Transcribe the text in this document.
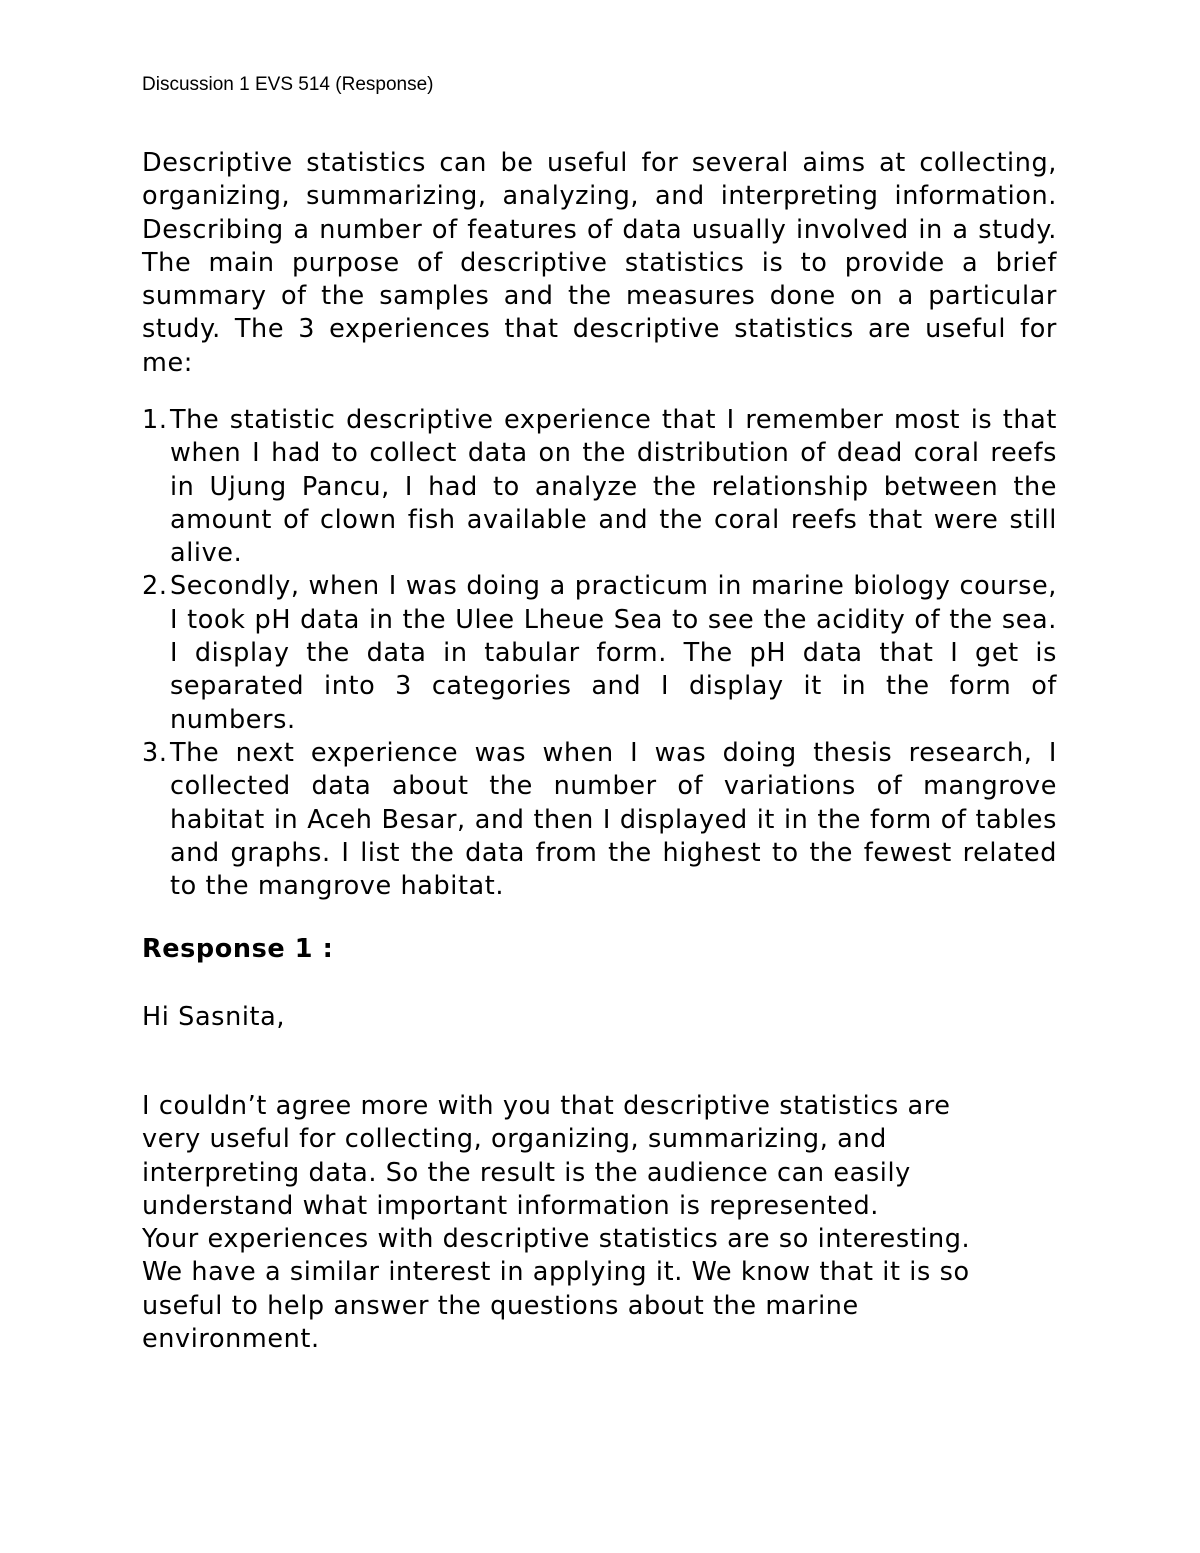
Discussion 1 EVS 514 (Response)

Descriptive statistics can be useful for several aims at collecting, organizing, summarizing, analyzing, and interpreting information. Describing a number of features of data usually involved in a study. The main purpose of descriptive statistics is to provide a brief summary of the samples and the measures done on a particular study. The 3 experiences that descriptive statistics are useful for me:

1. The statistic descriptive experience that I remember most is that when I had to collect data on the distribution of dead coral reefs in Ujung Pancu, I had to analyze the relationship between the amount of clown fish available and the coral reefs that were still alive.
2. Secondly, when I was doing a practicum in marine biology course, I took pH data in the Ulee Lheue Sea to see the acidity of the sea. I display the data in tabular form. The pH data that I get is separated into 3 categories and I display it in the form of numbers.
3. The next experience was when I was doing thesis research, I collected data about the number of variations of mangrove habitat in Aceh Besar, and then I displayed it in the form of tables and graphs. I list the data from the highest to the fewest related to the mangrove habitat.
Response 1 :

Hi Sasnita,

I couldn’t agree more with you that descriptive statistics are
very useful for collecting, organizing, summarizing, and
interpreting data. So the result is the audience can easily
understand what important information is represented.
Your experiences with descriptive statistics are so interesting.
We have a similar interest in applying it. We know that it is so
useful to help answer the questions about the marine
environment.
